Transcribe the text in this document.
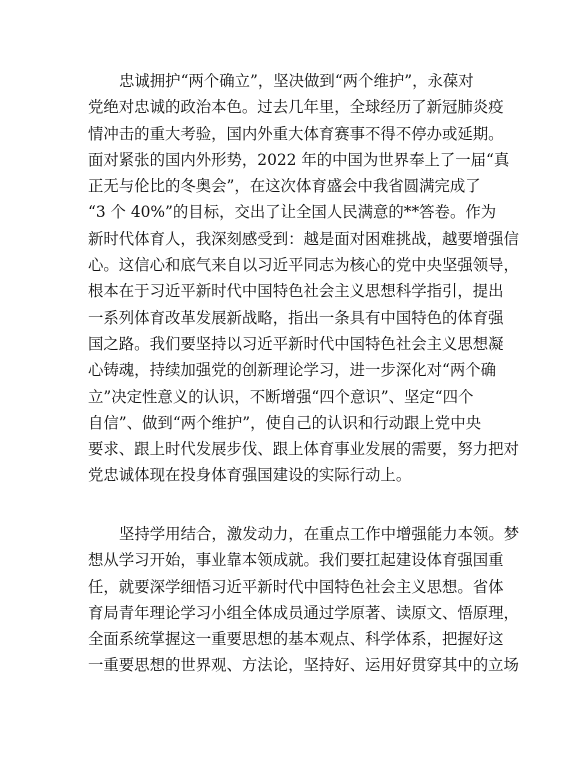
忠诚拥护“两个确立”，坚决做到“两个维护”，永葆对
党绝对忠诚的政治本色。过去几年里，全球经历了新冠肺炎疫
情冲击的重大考验，国内外重大体育赛事不得不停办或延期。
面对紧张的国内外形势，2022 年的中国为世界奉上了一届“真
正无与伦比的冬奥会”，在这次体育盛会中我省圆满完成了
“3 个 40%”的目标，交出了让全国人民满意的**答卷。作为
新时代体育人，我深刻感受到：越是面对困难挑战，越要增强信
心。这信心和底气来自以习近平同志为核心的党中央坚强领导，
根本在于习近平新时代中国特色社会主义思想科学指引，提出
一系列体育改革发展新战略，指出一条具有中国特色的体育强
国之路。我们要坚持以习近平新时代中国特色社会主义思想凝
心铸魂，持续加强党的创新理论学习，进一步深化对“两个确
立”决定性意义的认识，不断增强“四个意识”、坚定“四个
自信”、做到“两个维护”，使自己的认识和行动跟上党中央
要求、跟上时代发展步伐、跟上体育事业发展的需要，努力把对
党忠诚体现在投身体育强国建设的实际行动上。
坚持学用结合，激发动力，在重点工作中增强能力本领。梦
想从学习开始，事业靠本领成就。我们要扛起建设体育强国重
任，就要深学细悟习近平新时代中国特色社会主义思想。省体
育局青年理论学习小组全体成员通过学原著、读原文、悟原理，
全面系统掌握这一重要思想的基本观点、科学体系，把握好这
一重要思想的世界观、方法论，坚持好、运用好贯穿其中的立场
